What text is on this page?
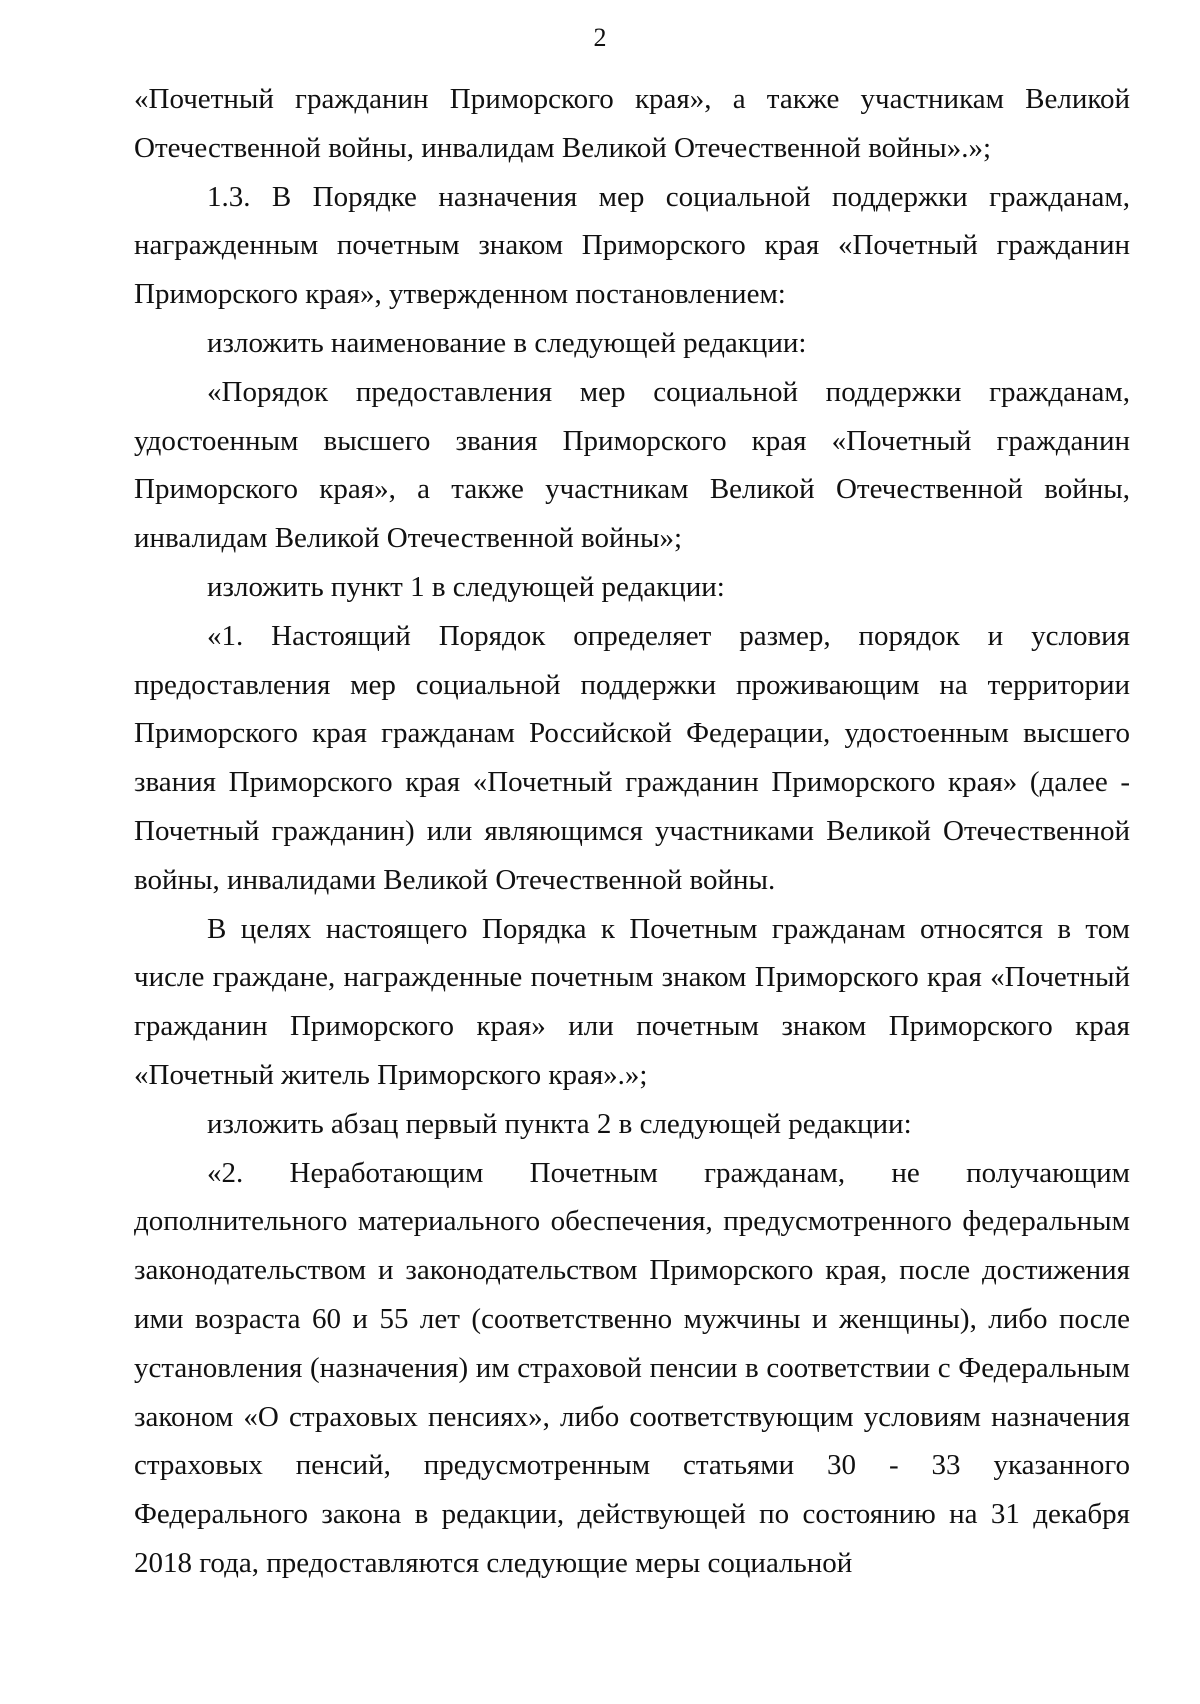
2

«Почетный гражданин Приморского края», а также участникам Великой Отечественной войны, инвалидам Великой Отечественной войны».»;

1.3. В Порядке назначения мер социальной поддержки гражданам, награжденным почетным знаком Приморского края «Почетный гражданин Приморского края», утвержденном постановлением:

изложить наименование в следующей редакции:

«Порядок предоставления мер социальной поддержки гражданам, удостоенным высшего звания Приморского края «Почетный гражданин Приморского края», а также участникам Великой Отечественной войны, инвалидам Великой Отечественной войны»;

изложить пункт 1 в следующей редакции:

«1. Настоящий Порядок определяет размер, порядок и условия предоставления мер социальной поддержки проживающим на территории Приморского края гражданам Российской Федерации, удостоенным высшего звания Приморского края «Почетный гражданин Приморского края» (далее - Почетный гражданин) или являющимся участниками Великой Отечественной войны, инвалидами Великой Отечественной войны.

В целях настоящего Порядка к Почетным гражданам относятся в том числе граждане, награжденные почетным знаком Приморского края «Почетный гражданин Приморского края» или почетным знаком Приморского края «Почетный житель Приморского края».»;

изложить абзац первый пункта 2 в следующей редакции:

«2. Неработающим Почетным гражданам, не получающим дополнительного материального обеспечения, предусмотренного федеральным законодательством и законодательством Приморского края, после достижения ими возраста 60 и 55 лет (соответственно мужчины и женщины), либо после установления (назначения) им страховой пенсии в соответствии с Федеральным законом «О страховых пенсиях», либо соответствующим условиям назначения страховых пенсий, предусмотренным статьями 30 - 33 указанного Федерального закона в редакции, действующей по состоянию на 31 декабря 2018 года, предоставляются следующие меры социальной
